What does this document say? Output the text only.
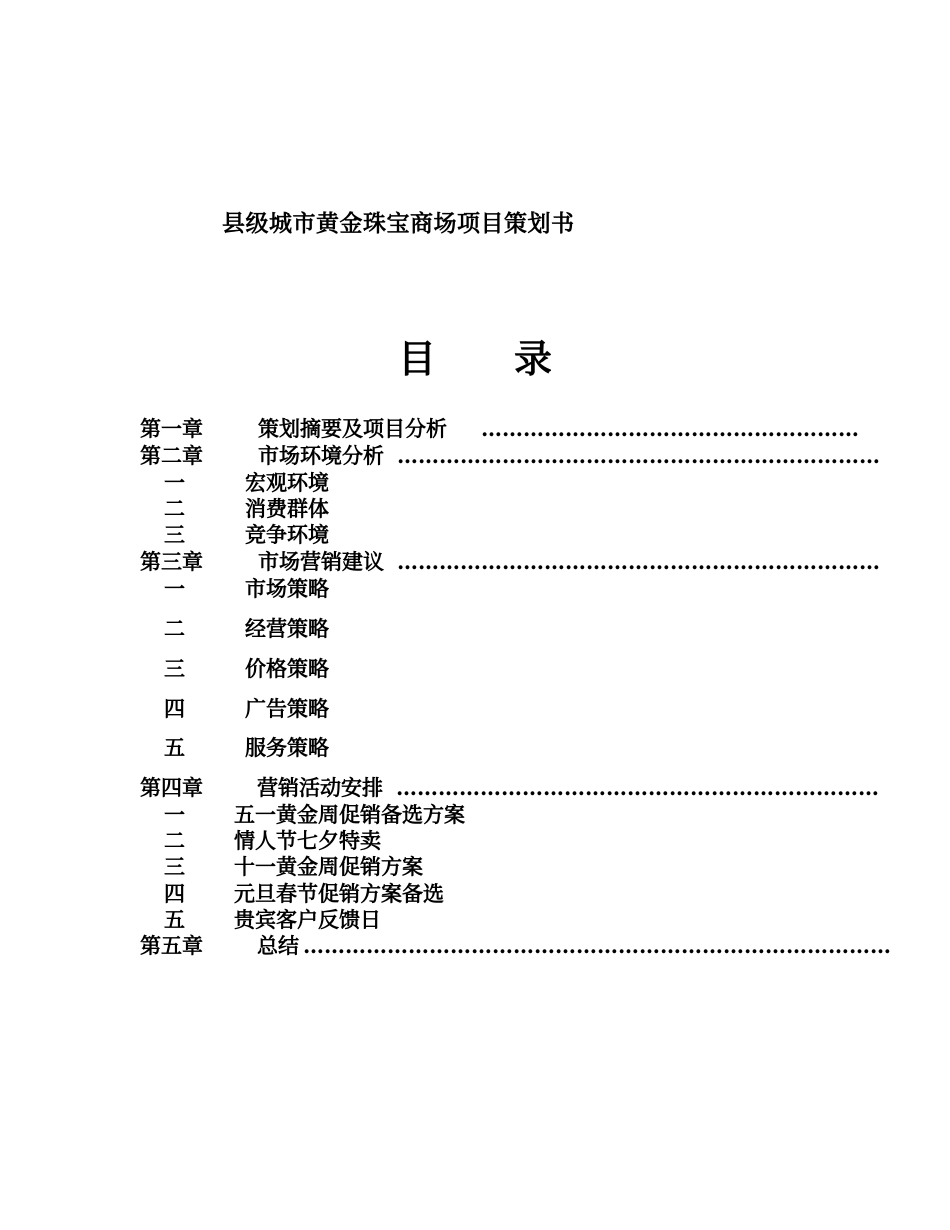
县级城市黄金珠宝商场项目策划书
目 录
第一章	策划摘要及项目分析 ………………………………………………
第二章	市场环境分析 ……………………………………………………………
一	宏观环境
二	消费群体
三	竞争环境
第三章	市场营销建议 ……………………………………………………………
一	市场策略
二	经营策略
三	价格策略
四	广告策略
五	服务策略
第四章	营销活动安排 ……………………………………………………………
一 五一黄金周促销备选方案
二 情人节七夕特卖
三 十一黄金周促销方案
四 元旦春节促销方案备选
五 贵宾客户反馈日
第五章	总结 …………………………………………………………………………
